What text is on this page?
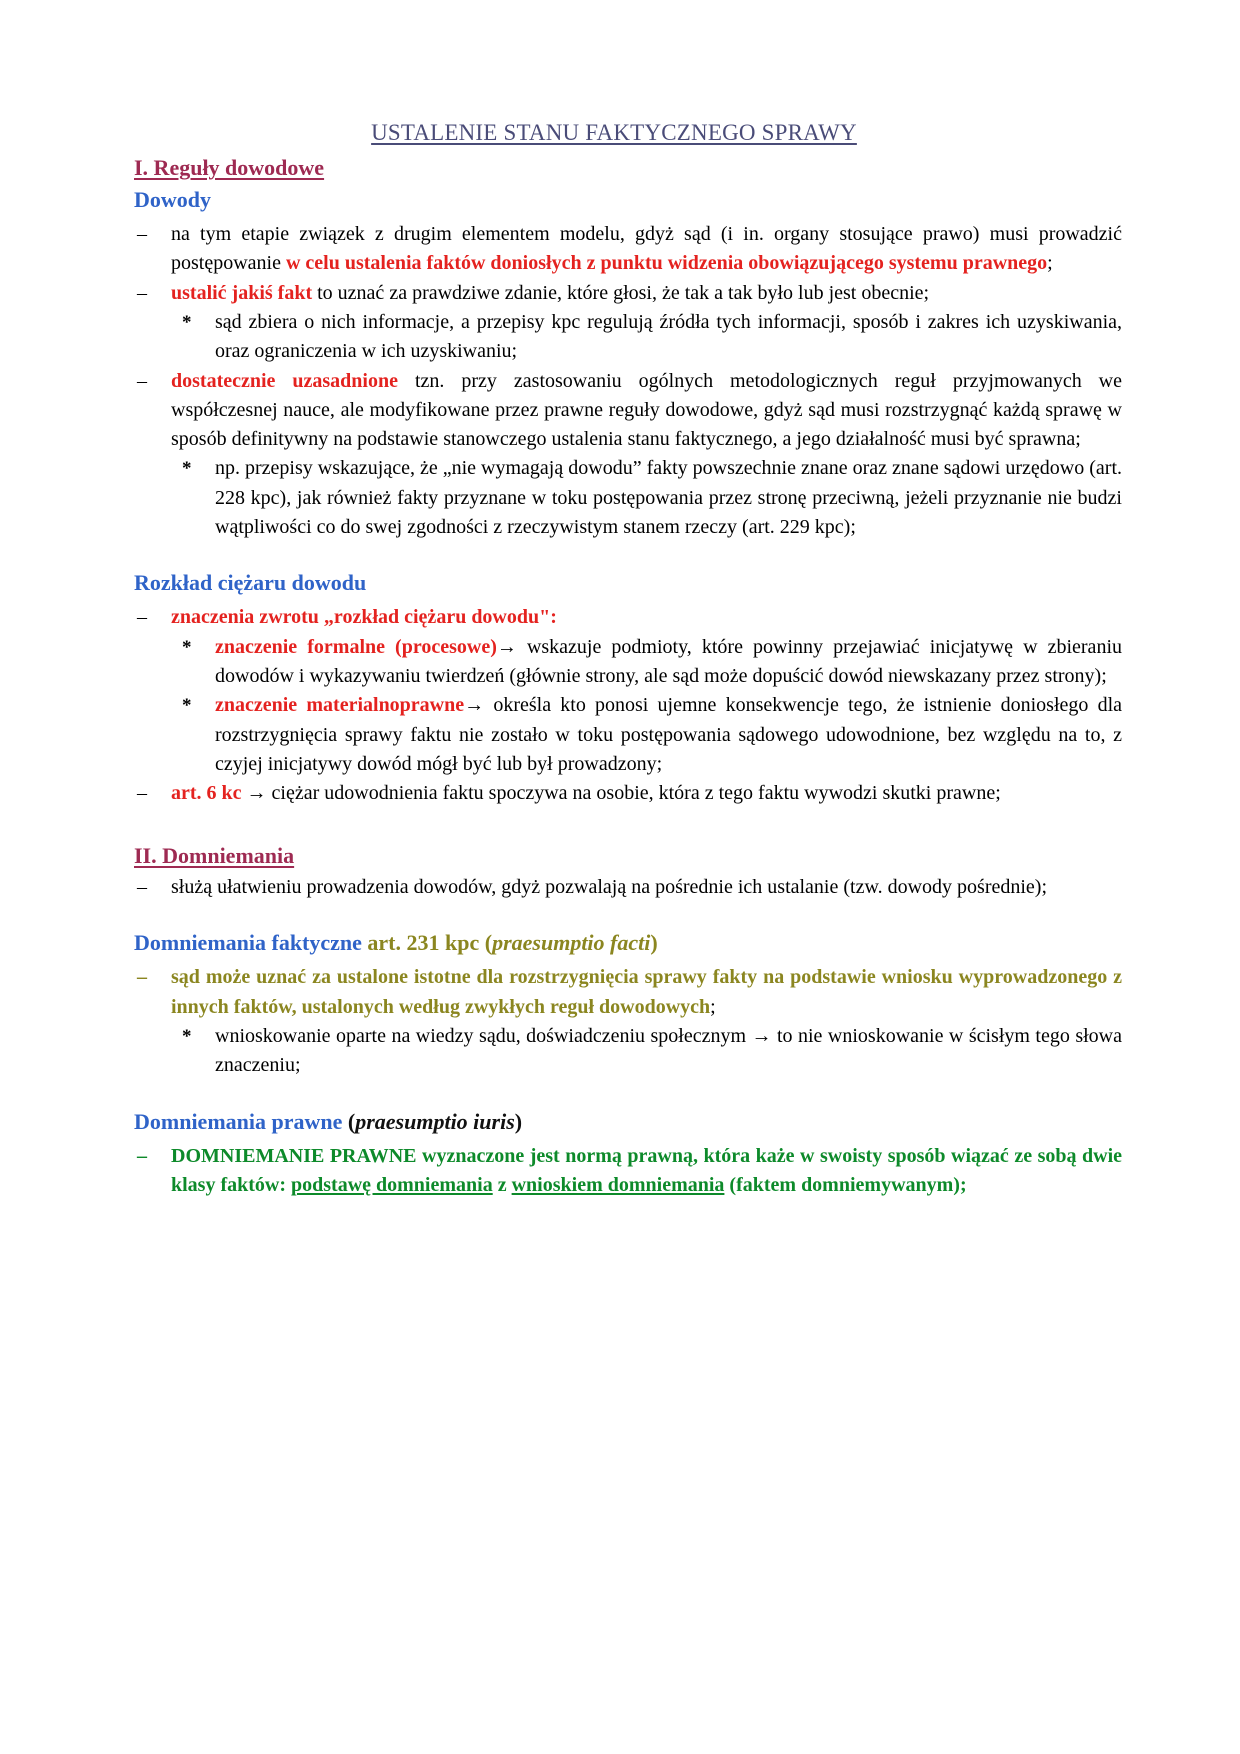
USTALENIE STANU FAKTYCZNEGO SPRAWY
I. Reguły dowodowe
Dowody
– na tym etapie związek z drugim elementem modelu, gdyż sąd (i in. organy stosujące prawo) musi prowadzić postępowanie w celu ustalenia faktów doniosłych z punktu widzenia obowiązującego systemu prawnego;

– ustalić jakiś fakt to uznać za prawdziwe zdanie, które głosi, że tak a tak było lub jest obecnie;

* sąd zbiera o nich informacje, a przepisy kpc regulują źródła tych informacji, sposób i zakres ich uzyskiwania, oraz ograniczenia w ich uzyskiwaniu;

– dostatecznie uzasadnione tzn. przy zastosowaniu ogólnych metodologicznych reguł przyjmowanych we współczesnej nauce, ale modyfikowane przez prawne reguły dowodowe, gdyż sąd musi rozstrzygnąć każdą sprawę w sposób definitywny na podstawie stanowczego ustalenia stanu faktycznego, a jego działalność musi być sprawna;

* np. przepisy wskazujące, że „nie wymagają dowodu” fakty powszechnie znane oraz znane sądowi urzędowo (art. 228 kpc), jak również fakty przyznane w toku postępowania przez stronę przeciwną, jeżeli przyznanie nie budzi wątpliwości co do swej zgodności z rzeczywistym stanem rzeczy (art. 229 kpc);

Rozkład ciężaru dowodu
– znaczenia zwrotu „rozkład ciężaru dowodu":

* znaczenie formalne (procesowe)→ wskazuje podmioty, które powinny przejawiać inicjatywę w zbieraniu dowodów i wykazywaniu twierdzeń (głównie strony, ale sąd może dopuścić dowód niewskazany przez strony);

* znaczenie materialnoprawne→ określa kto ponosi ujemne konsekwencje tego, że istnienie doniosłego dla rozstrzygnięcia sprawy faktu nie zostało w toku postępowania sądowego udowodnione, bez względu na to, z czyjej inicjatywy dowód mógł być lub był prowadzony;

– art. 6 kc → ciężar udowodnienia faktu spoczywa na osobie, która z tego faktu wywodzi skutki prawne;

II. Domniemania
– służą ułatwieniu prowadzenia dowodów, gdyż pozwalają na pośrednie ich ustalanie (tzw. dowody pośrednie);

Domniemania faktyczne art. 231 kpc (praesumptio facti)
– sąd może uznać za ustalone istotne dla rozstrzygnięcia sprawy fakty na podstawie wniosku wyprowadzonego z innych faktów, ustalonych według zwykłych reguł dowodowych;

* wnioskowanie oparte na wiedzy sądu, doświadczeniu społecznym → to nie wnioskowanie w ścisłym tego słowa znaczeniu;

Domniemania prawne (praesumptio iuris)
– DOMNIEMANIE PRAWNE wyznaczone jest normą prawną, która każe w swoisty sposób wiązać ze sobą dwie klasy faktów: podstawę domniemania z wnioskiem domniemania (faktem domniemywanym);
